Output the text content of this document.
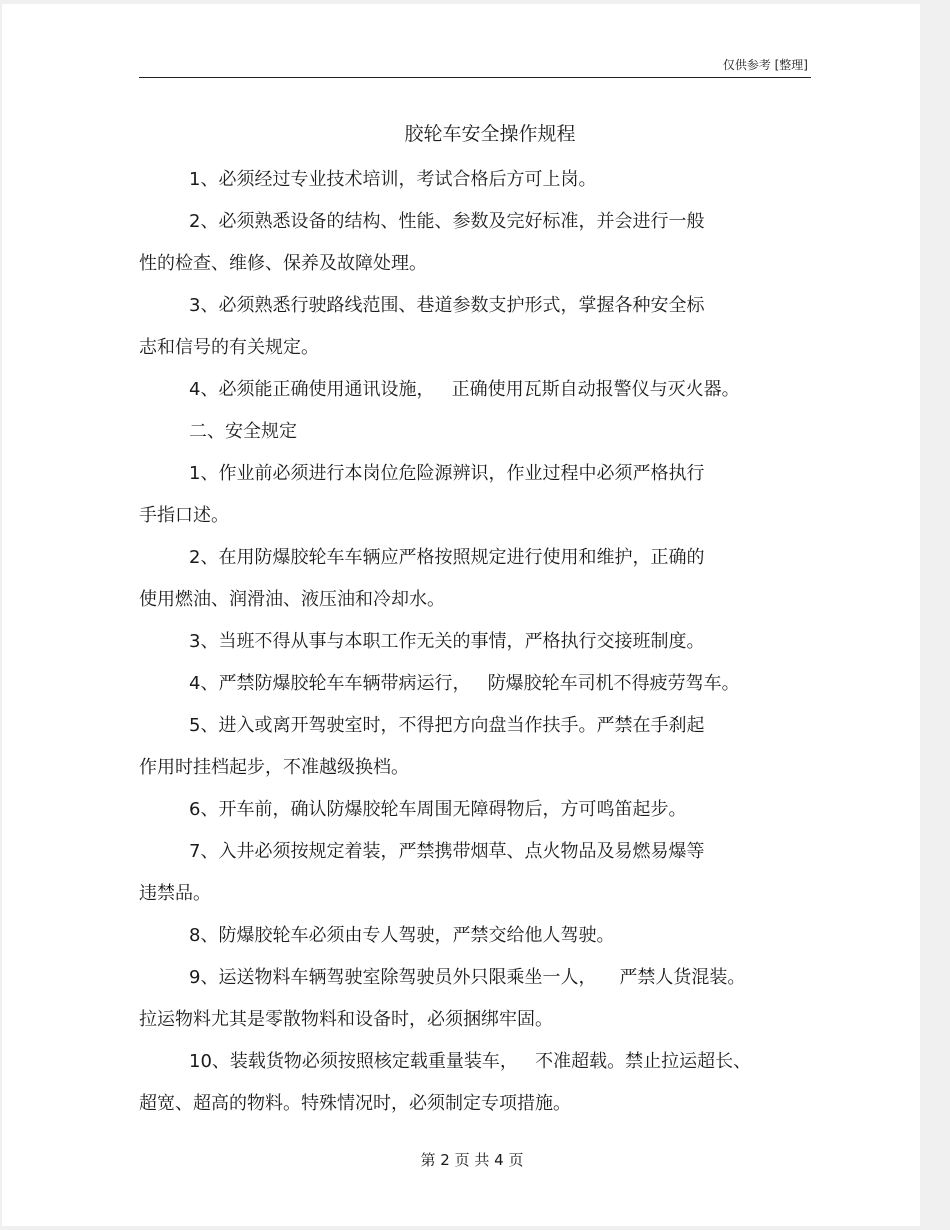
仅供参考 [整理]
胶轮车安全操作规程

1、必须经过专业技术培训，考试合格后方可上岗。

2、必须熟悉设备的结构、性能、参数及完好标准，并会进行一般

性的检查、维修、保养及故障处理。

3、必须熟悉行驶路线范围、巷道参数支护形式，掌握各种安全标

志和信号的有关规定。

4、必须能正确使用通讯设施，   正确使用瓦斯自动报警仪与灭火器。

二、安全规定

1、作业前必须进行本岗位危险源辨识，作业过程中必须严格执行

手指口述。

2、在用防爆胶轮车车辆应严格按照规定进行使用和维护，正确的

使用燃油、润滑油、液压油和冷却水。

3、当班不得从事与本职工作无关的事情，严格执行交接班制度。

4、严禁防爆胶轮车车辆带病运行，   防爆胶轮车司机不得疲劳驾车。

5、进入或离开驾驶室时，不得把方向盘当作扶手。严禁在手刹起

作用时挂档起步，不准越级换档。

6、开车前，确认防爆胶轮车周围无障碍物后，方可鸣笛起步。

7、入井必须按规定着装，严禁携带烟草、点火物品及易燃易爆等

违禁品。

8、防爆胶轮车必须由专人驾驶，严禁交给他人驾驶。

9、运送物料车辆驾驶室除驾驶员外只限乘坐一人，    严禁人货混装。

拉运物料尤其是零散物料和设备时，必须捆绑牢固。

10、装载货物必须按照核定载重量装车，   不准超载。禁止拉运超长、

超宽、超高的物料。特殊情况时，必须制定专项措施。

第 2 页 共 4 页
